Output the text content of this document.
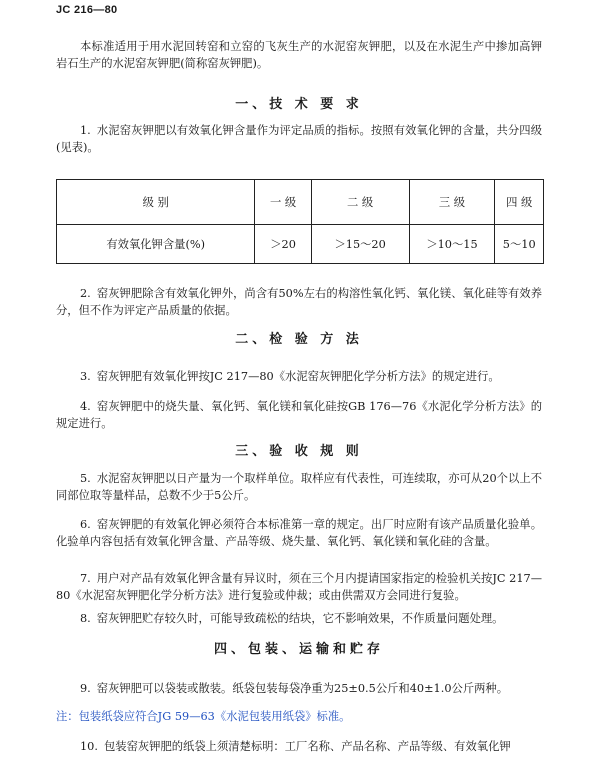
JC 216—80

本标准适用于用水泥回转窑和立窑的飞灰生产的水泥窑灰钾肥，以及在水泥生产中掺加高钾岩石生产的水泥窑灰钾肥(简称窑灰钾肥)。

一、技 术 要 求

1. 水泥窑灰钾肥以有效氧化钾含量作为评定品质的指标。按照有效氧化钾的含量，共分四级(见表)。

级 别	一 级	二 级	三 级	四 级
有效氧化钾含量(%)	＞20	＞15～20	＞10～15	5～10

2. 窑灰钾肥除含有效氧化钾外，尚含有50%左右的构溶性氧化钙、氧化镁、氧化硅等有效养分，但不作为评定产品质量的依据。

二、检 验 方 法

3. 窑灰钾肥有效氧化钾按JC 217—80《水泥窑灰钾肥化学分析方法》的规定进行。

4. 窑灰钾肥中的烧失量、氧化钙、氧化镁和氧化硅按GB 176—76《水泥化学分析方法》的规定进行。

三、验 收 规 则

5. 水泥窑灰钾肥以日产量为一个取样单位。取样应有代表性，可连续取，亦可从20个以上不同部位取等量样品，总数不少于5公斤。

6. 窑灰钾肥的有效氧化钾必须符合本标准第一章的规定。出厂时应附有该产品质量化验单。化验单内容包括有效氧化钾含量、产品等级、烧失量、氧化钙、氧化镁和氧化硅的含量。

7. 用户对产品有效氧化钾含量有异议时，须在三个月内提请国家指定的检验机关按JC 217—80《水泥窑灰钾肥化学分析方法》进行复验或仲裁；或由供需双方会同进行复验。

8. 窑灰钾肥贮存较久时，可能导致疏松的结块，它不影响效果，不作质量问题处理。

四、包装、运输和贮存

9. 窑灰钾肥可以袋装或散装。纸袋包装每袋净重为25±0.5公斤和40±1.0公斤两种。

注：包装纸袋应符合JG 59—63《水泥包装用纸袋》标准。

10. 包装窑灰钾肥的纸袋上须清楚标明：工厂名称、产品名称、产品等级、有效氧化钾
